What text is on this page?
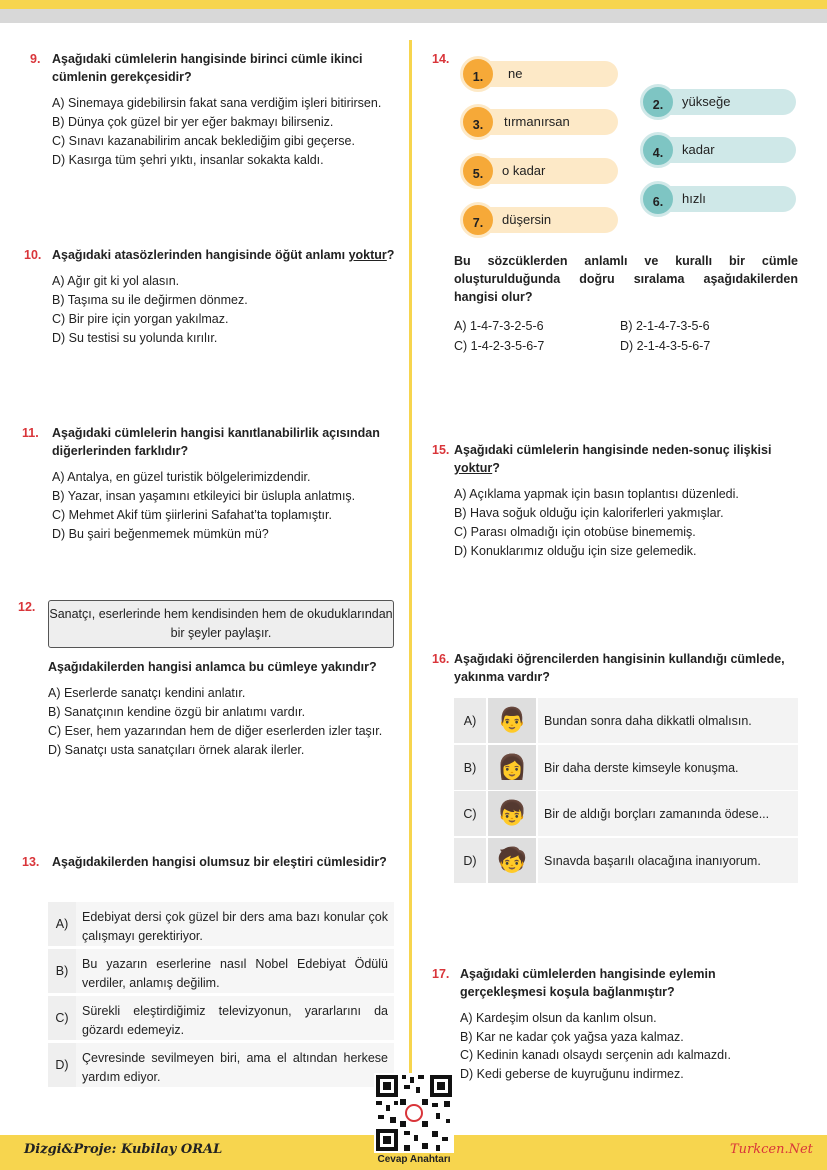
9. Aşağıdaki cümlelerin hangisinde birinci cümle ikinci cümlenin gerekçesidir?
A) Sinemaya gidebilirsin fakat sana verdiğim işleri bitirirsen.
B) Dünya çok güzel bir yer eğer bakmayı bilirseniz.
C) Sınavı kazanabilirim ancak beklediğim gibi geçerse.
D) Kasırga tüm şehri yıktı, insanlar sokakta kaldı.
10. Aşağıdaki atasözlerinden hangisinde öğüt anlamı yoktur?
A) Ağır git ki yol alasın.
B) Taşıma su ile değirmen dönmez.
C) Bir pire için yorgan yakılmaz.
D) Su testisi su yolunda kırılır.
11. Aşağıdaki cümlelerin hangisi kanıtlanabilirlik açısından diğerlerinden farklıdır?
A) Antalya, en güzel turistik bölgelerimizdendir.
B) Yazar, insan yaşamını etkileyici bir üslupla anlatmış.
C) Mehmet Akif tüm şiirlerini Safahat’ta toplamıştır.
D) Bu şairi beğenmemek mümkün mü?
12. Sanatçı, eserlerinde hem kendisinden hem de okuduklarından bir şeyler paylaşır.
Aşağıdakilerden hangisi anlamca bu cümleye yakındır?
A) Eserlerde sanatçı kendini anlatır.
B) Sanatçının kendine özgü bir anlatımı vardır.
C) Eser, hem yazarından hem de diğer eserlerden izler taşır.
D) Sanatçı usta sanatçıları örnek alarak ilerler.
13. Aşağıdakilerden hangisi olumsuz bir eleştiri cümlesidir?
A)	Edebiyat dersi çok güzel bir ders ama bazı konular çok çalışmayı gerektiriyor.
B)	Bu yazarın eserlerine nasıl Nobel Edebiyat Ödülü verdiler, anlamış değilim.
C)	Sürekli eleştirdiğimiz televizyonun, yararlarını da gözardı edemeyiz.
D)	Çevresinde sevilmeyen biri, ama el altından herkese yardım ediyor.
14.
ne
1.
yükseğe
2.
tırmanırsan
3.
kadar
4.
o kadar
5.
hızlı
6.
düşersin
7.
Bu sözcüklerden anlamlı ve kurallı bir cümle oluşturulduğunda doğru sıralama aşağıdakilerden hangisi olur?
A) 1-4-7-3-2-5-6	B) 2-1-4-7-3-5-6
C) 1-4-2-3-5-6-7	D) 2-1-4-3-5-6-7
15. Aşağıdaki cümlelerin hangisinde neden-sonuç ilişkisi yoktur?
A) Açıklama yapmak için basın toplantısı düzenledi.
B) Hava soğuk olduğu için kaloriferleri yakmışlar.
C) Parası olmadığı için otobüse binememiş.
D) Konuklarımız olduğu için size gelemedik.
16. Aşağıdaki öğrencilerden hangisinin kullandığı cümlede, yakınma vardır?
A) 👨	Bundan sonra daha dikkatli olmalısın.
B) 👩	Bir daha derste kimseyle konuşma.
C) 👦	Bir de aldığı borçları zamanında ödese...
D) 🧒	Sınavda başarılı olacağına inanıyorum.
17. Aşağıdaki cümlelerden hangisinde eylemin gerçekleşmesi koşula bağlanmıştır?
A) Kardeşim olsun da kanlım olsun.
B) Kar ne kadar çok yağsa yaza kalmaz.
C) Kedinin kanadı olsaydı serçenin adı kalmazdı.
D) Kedi geberse de kuyruğunu indirmez.
Dizgi&Proje: Kubilay ORAL
Cevap Anahtarı
Turkcen.Net
